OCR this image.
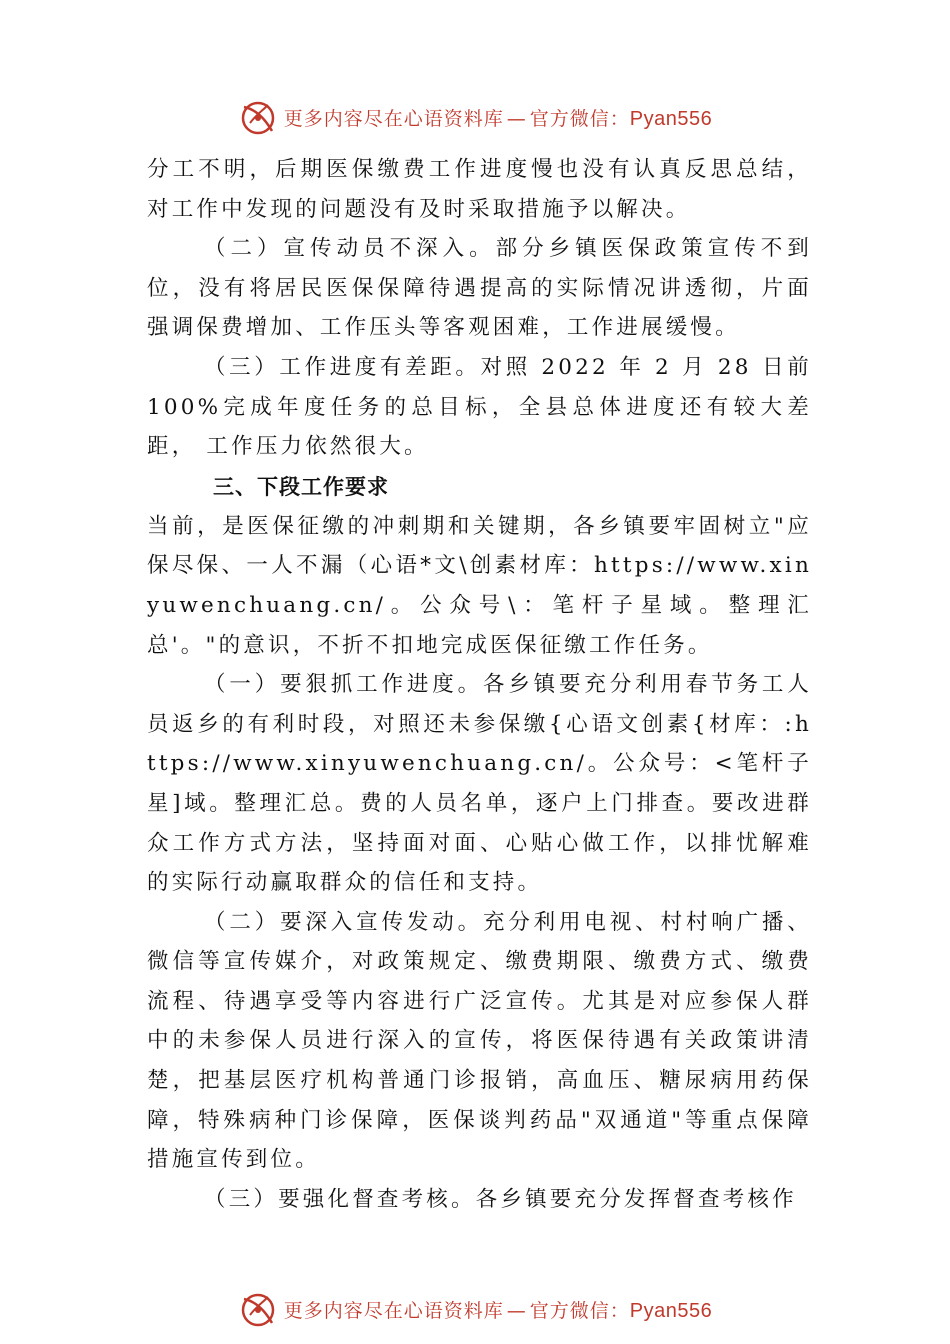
更多内容尽在心语资料库 — 官方微信：Pyan556

分工不明，后期医保缴费工作进度慢也没有认真反思总结，对工作中发现的问题没有及时采取措施予以解决。

（二）宣传动员不深入。部分乡镇医保政策宣传不到位，没有将居民医保保障待遇提高的实际情况讲透彻，片面强调保费增加、工作压头等客观困难，工作进展缓慢。

（三）工作进度有差距。对照 2022 年 2 月 28 日前 100%完成年度任务的总目标，全县总体进度还有较大差距， 工作压力依然很大。

三、下段工作要求

当前，是医保征缴的冲刺期和关键期，各乡镇要牢固树立"应保尽保、一人不漏（心语*文\创素材库：https://www.xinyuwenchuang.cn/。公众号\：笔杆子星域。整理汇总'。"的意识，不折不扣地完成医保征缴工作任务。

（一）要狠抓工作进度。各乡镇要充分利用春节务工人员返乡的有利时段，对照还未参保缴{心语文创素{材库：:https://www.xinyuwenchuang.cn/。公众号：<笔杆子星]域。整理汇总。费的人员名单，逐户上门排查。要改进群众工作方式方法，坚持面对面、心贴心做工作，以排忧解难的实际行动赢取群众的信任和支持。

（二）要深入宣传发动。充分利用电视、村村响广播、微信等宣传媒介，对政策规定、缴费期限、缴费方式、缴费流程、待遇享受等内容进行广泛宣传。尤其是对应参保人群中的未参保人员进行深入的宣传，将医保待遇有关政策讲清楚，把基层医疗机构普通门诊报销，高血压、糖尿病用药保障，特殊病种门诊保障，医保谈判药品"双通道"等重点保障措施宣传到位。

（三）要强化督查考核。各乡镇要充分发挥督查考核作

更多内容尽在心语资料库 — 官方微信：Pyan556
